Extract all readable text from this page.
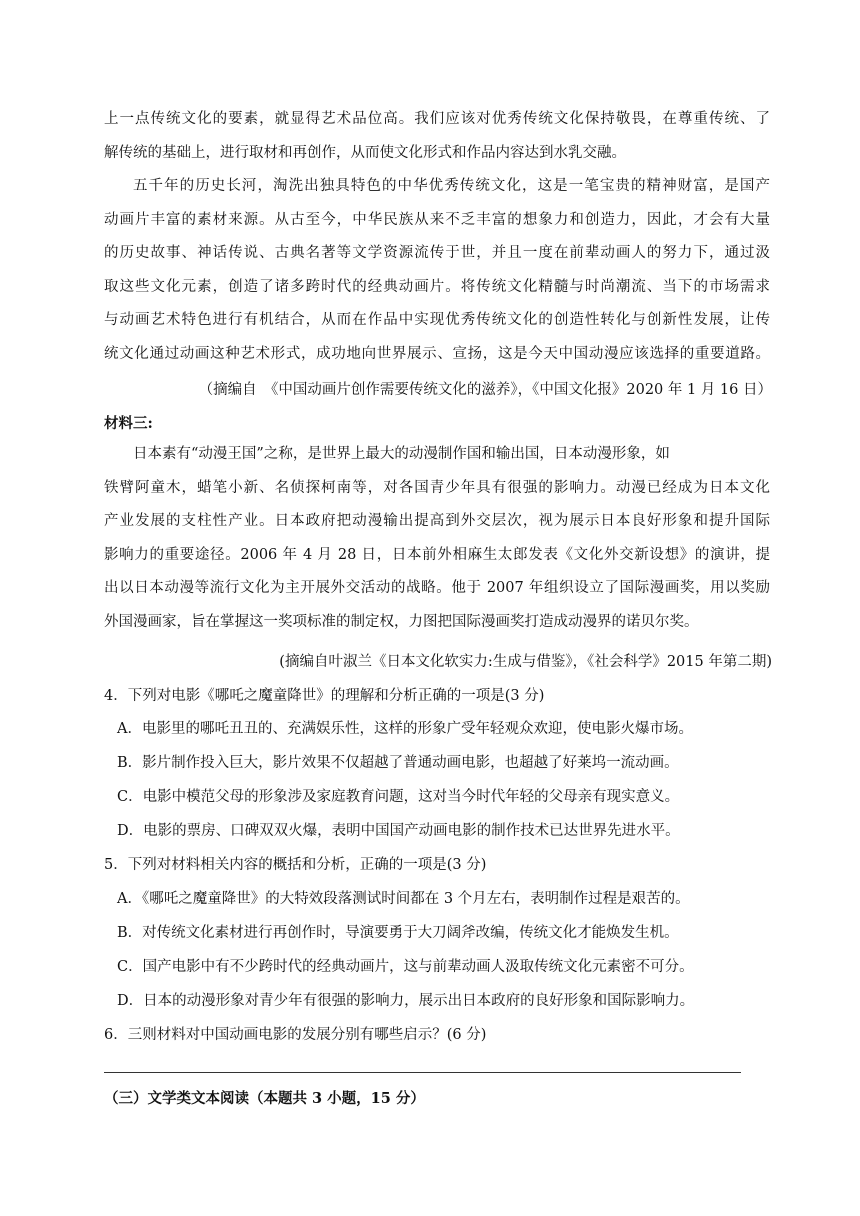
上一点传统文化的要素，就显得艺术品位高。我们应该对优秀传统文化保持敬畏，在尊重传统、了
解传统的基础上，进行取材和再创作，从而使文化形式和作品内容达到水乳交融。
五千年的历史长河，淘洗出独具特色的中华优秀传统文化，这是一笔宝贵的精神财富，是国产
动画片丰富的素材来源。从古至今，中华民族从来不乏丰富的想象力和创造力，因此，才会有大量
的历史故事、神话传说、古典名著等文学资源流传于世，并且一度在前辈动画人的努力下，通过汲
取这些文化元素，创造了诸多跨时代的经典动画片。将传统文化精髓与时尚潮流、当下的市场需求
与动画艺术特色进行有机结合，从而在作品中实现优秀传统文化的创造性转化与创新性发展，让传
统文化通过动画这种艺术形式，成功地向世界展示、宣扬，这是今天中国动漫应该选择的重要道路。
（摘编自　《中国动画片创作需要传统文化的滋养》，《中国文化报》2020 年 1 月 16 日）
材料三:
日本素有“动漫王国”之称，是世界上最大的动漫制作国和输出国，日本动漫形象，如
铁臂阿童木，蜡笔小新、名侦探柯南等，对各国青少年具有很强的影响力。动漫已经成为日本文化
产业发展的支柱性产业。日本政府把动漫输出提高到外交层次，视为展示日本良好形象和提升国际
影响力的重要途径。2006 年 4 月 28 日，日本前外相麻生太郎发表《文化外交新设想》的演讲，提
出以日本动漫等流行文化为主开展外交活动的战略。他于 2007 年组织设立了国际漫画奖，用以奖励
外国漫画家，旨在掌握这一奖项标准的制定权，力图把国际漫画奖打造成动漫界的诺贝尔奖。
(摘编自叶淑兰《日本文化软实力:生成与借鉴》，《社会科学》2015 年第二期)
4．下列对电影《哪吒之魔童降世》的理解和分析正确的一项是(3 分)
A．电影里的哪吒丑丑的、充满娱乐性，这样的形象广受年轻观众欢迎，使电影火爆市场。
B．影片制作投入巨大，影片效果不仅超越了普通动画电影，也超越了好莱坞一流动画。
C．电影中模范父母的形象涉及家庭教育问题，这对当今时代年轻的父母亲有现实意义。
D．电影的票房、口碑双双火爆，表明中国国产动画电影的制作技术已达世界先进水平。
5．下列对材料相关内容的概括和分析，正确的一项是(3 分)
A．《哪吒之魔童降世》的大特效段落测试时间都在 3 个月左右，表明制作过程是艰苦的。
B．对传统文化素材进行再创作时，导演要勇于大刀阔斧改编，传统文化才能焕发生机。
C．国产电影中有不少跨时代的经典动画片，这与前辈动画人汲取传统文化元素密不可分。
D．日本的动漫形象对青少年有很强的影响力，展示出日本政府的良好形象和国际影响力。
6．三则材料对中国动画电影的发展分别有哪些启示？(6 分)
（三）文学类文本阅读（本题共 3 小题，15 分）
